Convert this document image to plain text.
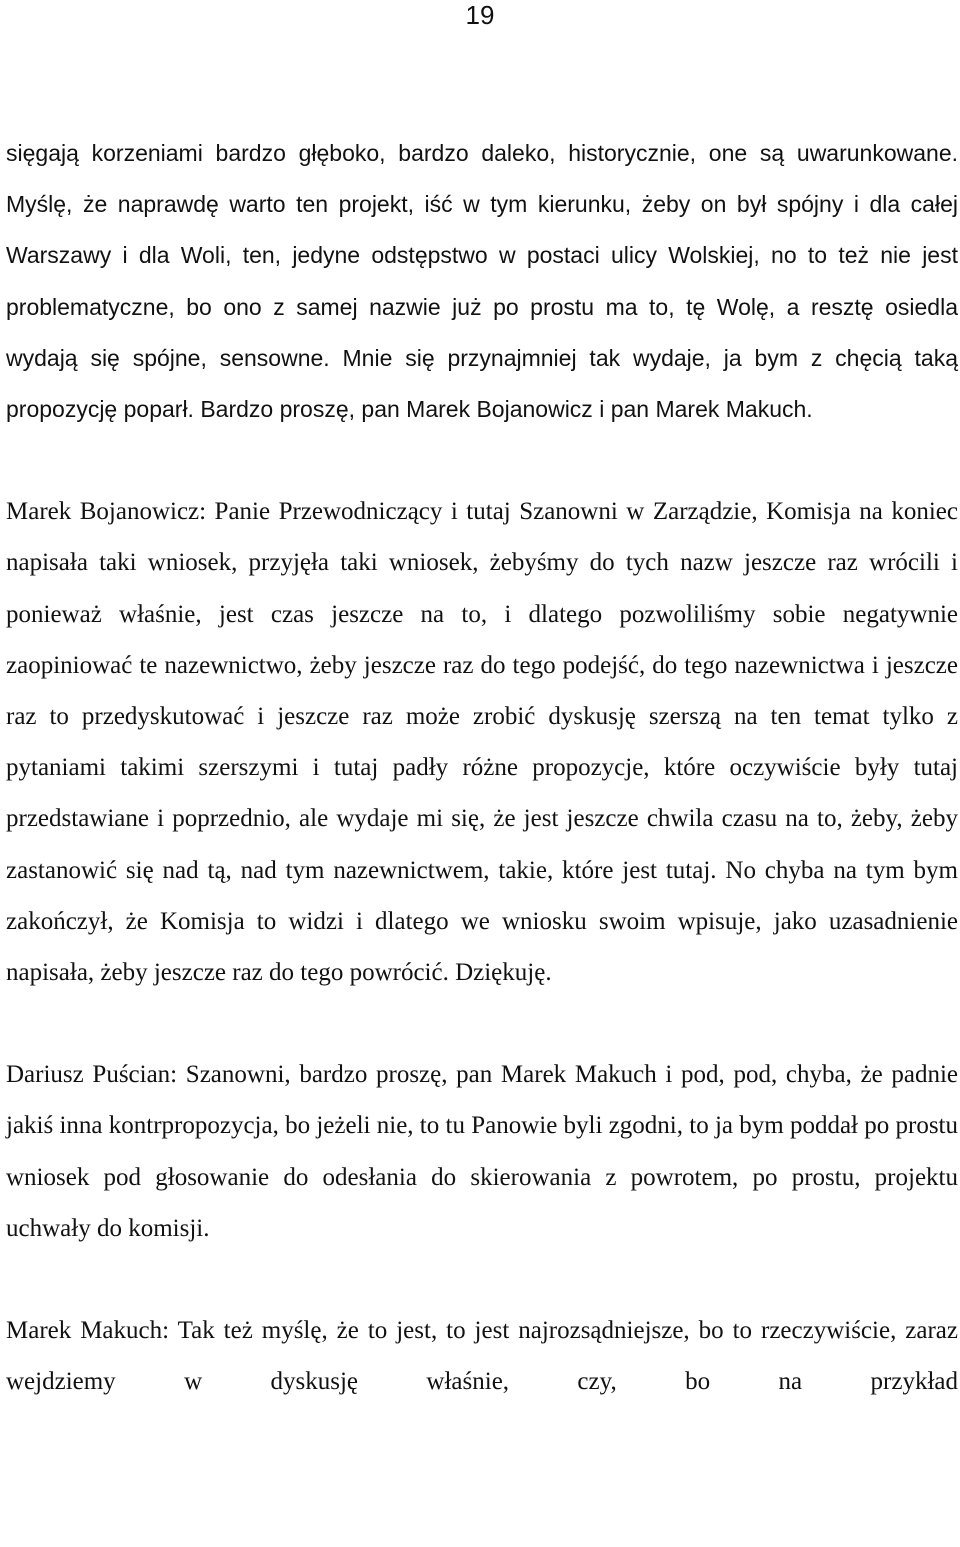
19

sięgają korzeniami bardzo głęboko, bardzo daleko, historycznie, one są uwarunkowane. Myślę, że naprawdę warto ten projekt, iść w tym kierunku, żeby on był spójny i dla całej Warszawy i dla Woli, ten, jedyne odstępstwo w postaci ulicy Wolskiej, no to też nie jest problematyczne, bo ono z samej nazwie już po prostu ma to, tę Wolę, a resztę osiedla wydają się spójne, sensowne. Mnie się przynajmniej tak wydaje, ja bym z chęcią taką propozycję poparł. Bardzo proszę, pan Marek Bojanowicz i pan Marek Makuch.

Marek Bojanowicz: Panie Przewodniczący i tutaj Szanowni w Zarządzie, Komisja na koniec napisała taki wniosek, przyjęła taki wniosek, żebyśmy do tych nazw jeszcze raz wrócili i ponieważ właśnie, jest czas jeszcze na to, i dlatego pozwoliliśmy sobie negatywnie zaopiniować te nazewnictwo, żeby jeszcze raz do tego podejść, do tego nazewnictwa i jeszcze raz to przedyskutować i jeszcze raz może zrobić dyskusję szerszą na ten temat tylko z pytaniami takimi szerszymi i tutaj padły różne propozycje, które oczywiście były tutaj przedstawiane i poprzednio, ale wydaje mi się, że jest jeszcze chwila czasu na to, żeby, żeby zastanowić się nad tą, nad tym nazewnictwem, takie, które jest tutaj. No chyba na tym bym zakończył, że Komisja to widzi i dlatego we wniosku swoim wpisuje, jako uzasadnienie napisała, żeby jeszcze raz do tego powrócić. Dziękuję.

Dariusz Puścian: Szanowni, bardzo proszę, pan Marek Makuch i pod, pod, chyba, że padnie jakiś inna kontrpropozycja, bo jeżeli nie, to tu Panowie byli zgodni, to ja bym poddał po prostu wniosek pod głosowanie do odesłania do skierowania z powrotem, po prostu, projektu uchwały do komisji.

Marek Makuch: Tak też myślę, że to jest, to jest najrozsądniejsze, bo to rzeczywiście, zaraz wejdziemy w dyskusję właśnie, czy, bo na przykład
